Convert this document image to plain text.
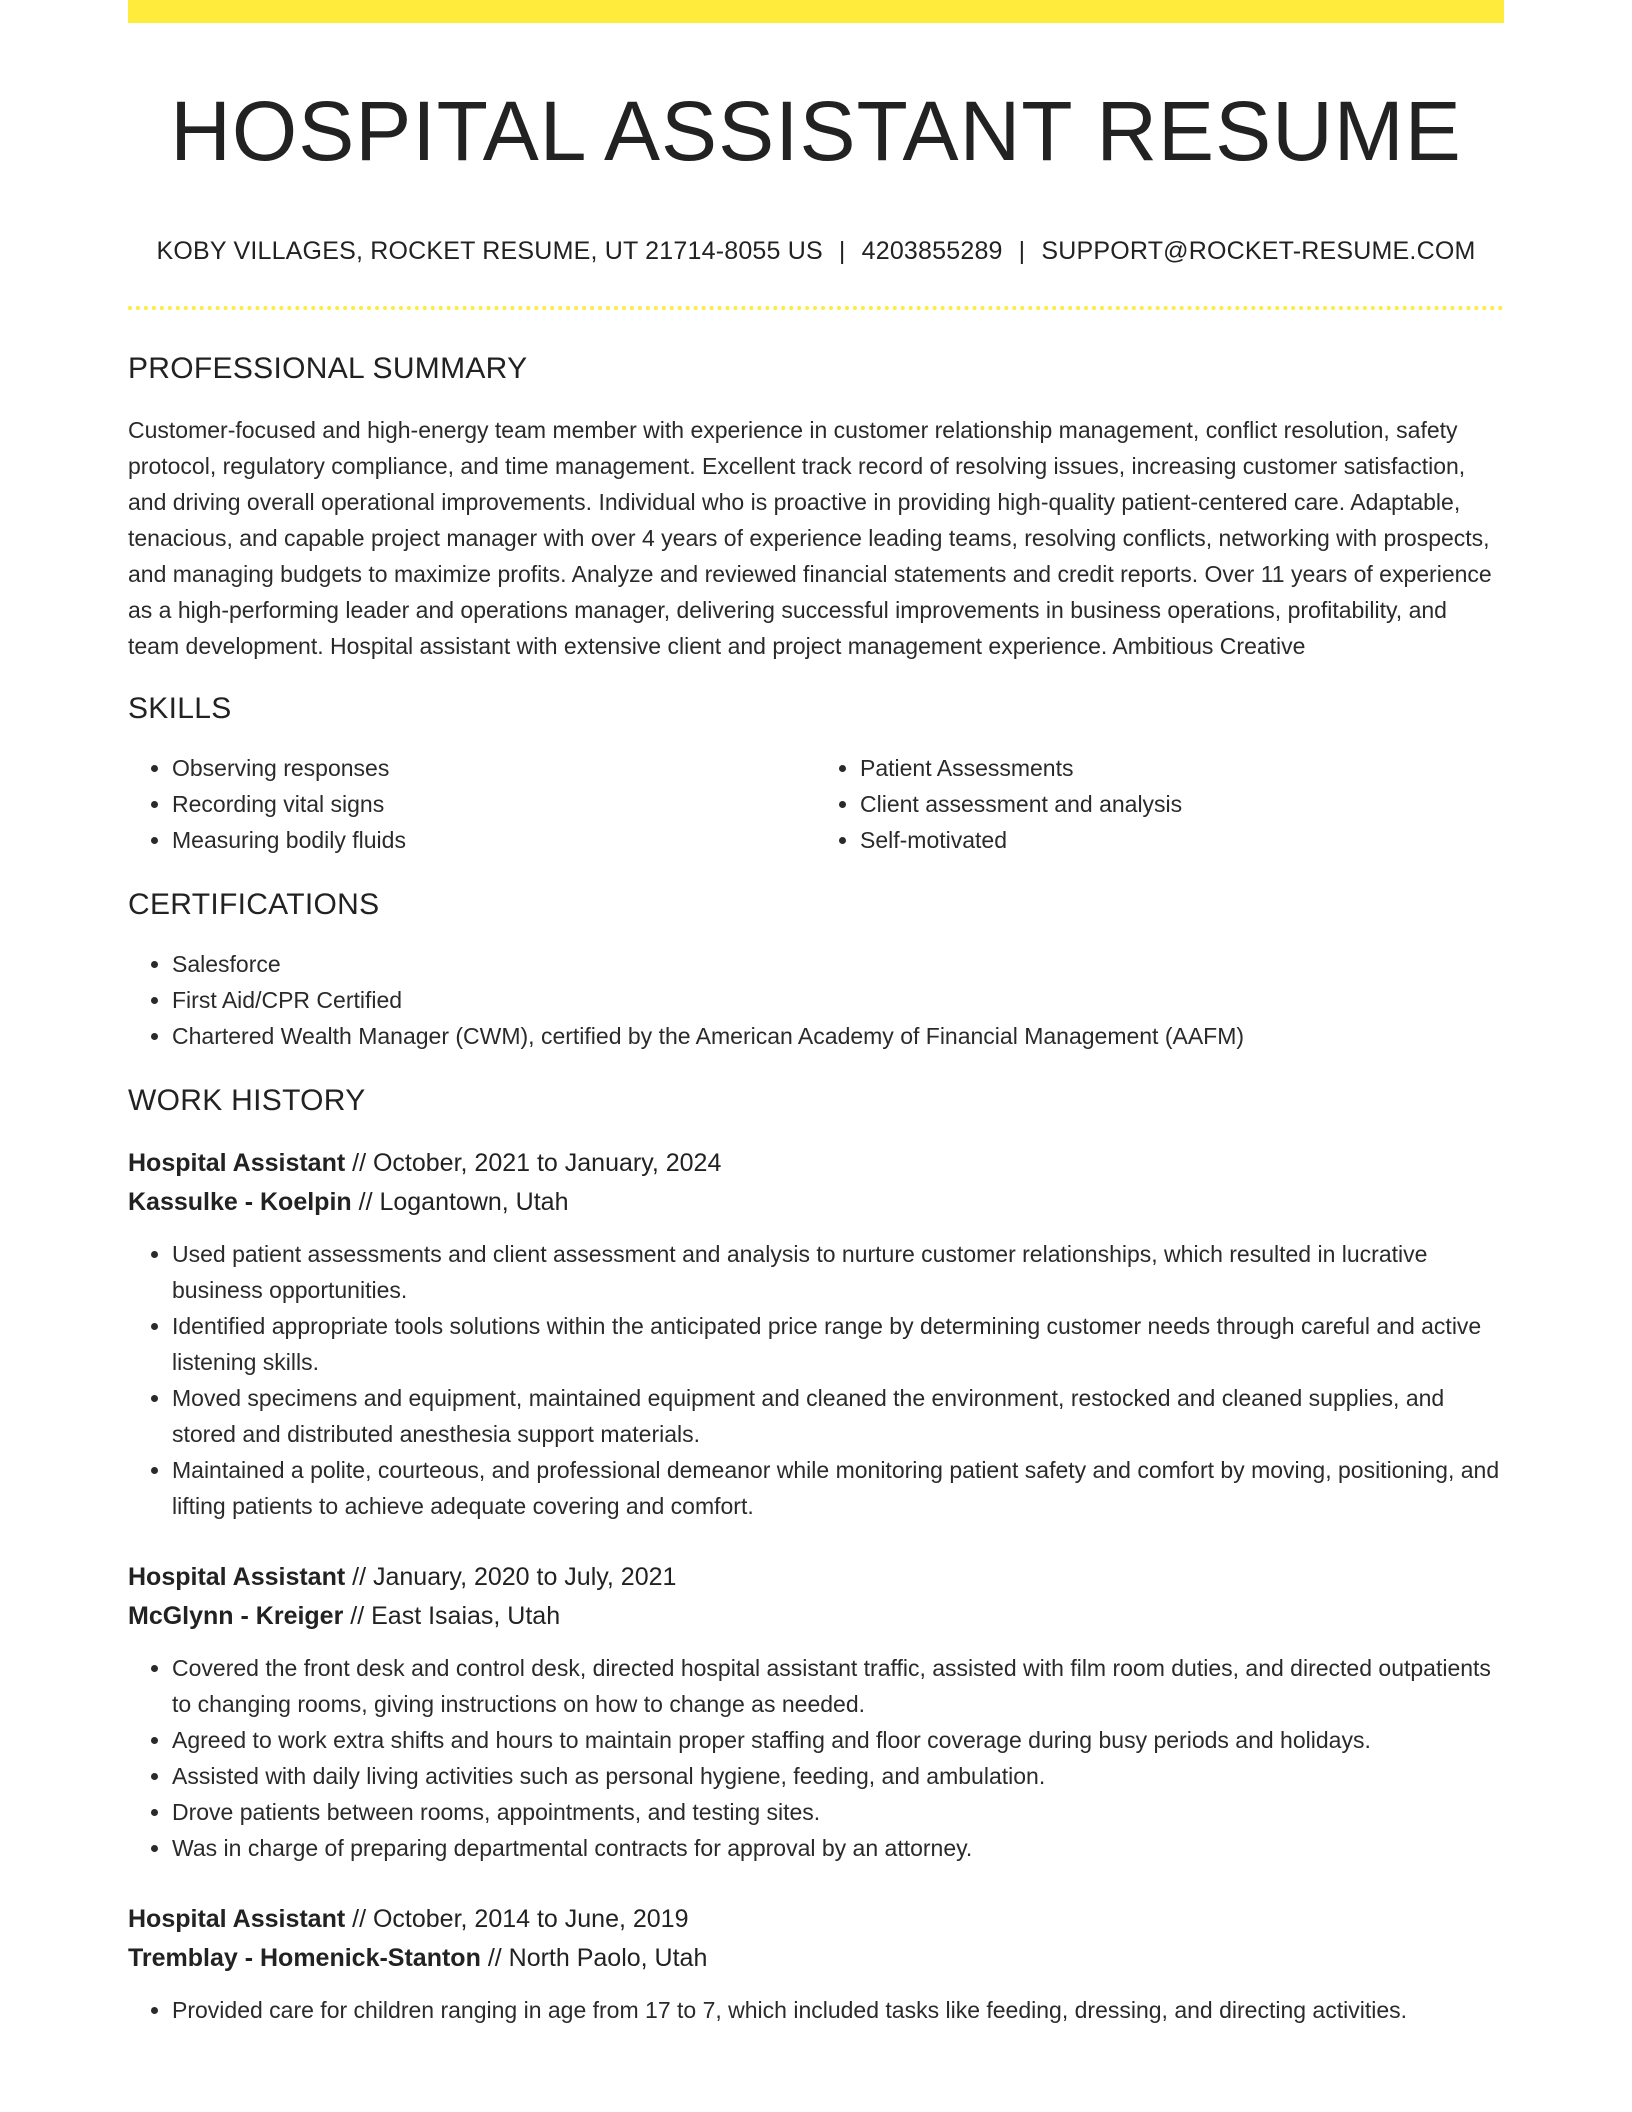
HOSPITAL ASSISTANT RESUME
KOBY VILLAGES, ROCKET RESUME, UT 21714-8055 US | 4203855289 | SUPPORT@ROCKET-RESUME.COM
PROFESSIONAL SUMMARY

Customer-focused and high-energy team member with experience in customer relationship management, conflict resolution, safety protocol, regulatory compliance, and time management. Excellent track record of resolving issues, increasing customer satisfaction, and driving overall operational improvements. Individual who is proactive in providing high-quality patient-centered care. Adaptable, tenacious, and capable project manager with over 4 years of experience leading teams, resolving conflicts, networking with prospects, and managing budgets to maximize profits. Analyze and reviewed financial statements and credit reports. Over 11 years of experience as a high-performing leader and operations manager, delivering successful improvements in business operations, profitability, and team development. Hospital assistant with extensive client and project management experience. Ambitious Creative

SKILLS
• Observing responses
• Recording vital signs
• Measuring bodily fluids
• Patient Assessments
• Client assessment and analysis
• Self-motivated
CERTIFICATIONS
• Salesforce
• First Aid/CPR Certified
• Chartered Wealth Manager (CWM), certified by the American Academy of Financial Management (AAFM)
WORK HISTORY
Hospital Assistant // October, 2021 to January, 2024
Kassulke - Koelpin // Logantown, Utah
• Used patient assessments and client assessment and analysis to nurture customer relationships, which resulted in lucrative business opportunities.
• Identified appropriate tools solutions within the anticipated price range by determining customer needs through careful and active listening skills.
• Moved specimens and equipment, maintained equipment and cleaned the environment, restocked and cleaned supplies, and stored and distributed anesthesia support materials.
• Maintained a polite, courteous, and professional demeanor while monitoring patient safety and comfort by moving, positioning, and lifting patients to achieve adequate covering and comfort.
Hospital Assistant // January, 2020 to July, 2021
McGlynn - Kreiger // East Isaias, Utah
• Covered the front desk and control desk, directed hospital assistant traffic, assisted with film room duties, and directed outpatients to changing rooms, giving instructions on how to change as needed.
• Agreed to work extra shifts and hours to maintain proper staffing and floor coverage during busy periods and holidays.
• Assisted with daily living activities such as personal hygiene, feeding, and ambulation.
• Drove patients between rooms, appointments, and testing sites.
• Was in charge of preparing departmental contracts for approval by an attorney.
Hospital Assistant // October, 2014 to June, 2019
Tremblay - Homenick-Stanton // North Paolo, Utah
• Provided care for children ranging in age from 17 to 7, which included tasks like feeding, dressing, and directing activities.
